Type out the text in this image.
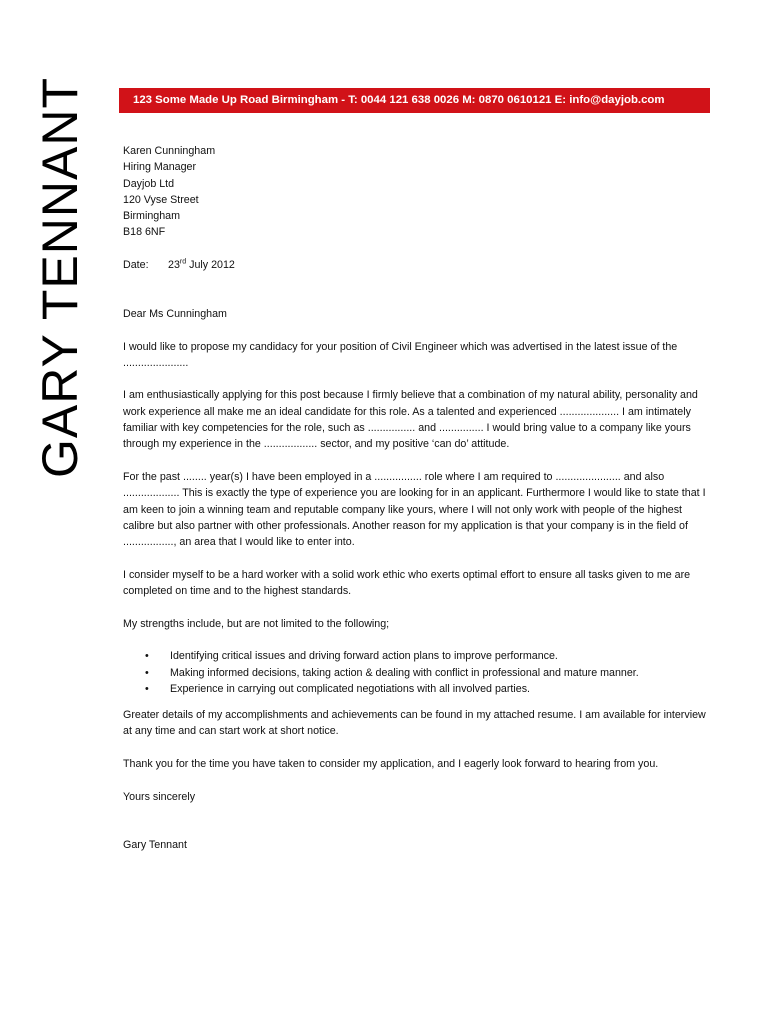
GARY TENNANT	123 Some Made Up Road Birmingham - T: 0044 121 638 0026 M: 0870 0610121 E: info@dayjob.com
Karen Cunningham
Hiring Manager
Dayjob Ltd
120 Vyse Street
Birmingham
B18 6NF
Date: 23rd July 2012

Dear Ms Cunningham

I would like to propose my candidacy for your position of Civil Engineer which was advertised in the latest issue of the ......................

I am enthusiastically applying for this post because I firmly believe that a combination of my natural ability, personality and work experience all make me an ideal candidate for this role. As a talented and experienced .................... I am intimately familiar with key competencies for the role, such as ................ and ............... I would bring value to a company like yours through my experience in the .................. sector, and my positive ‘can do’ attitude.

For the past ........ year(s) I have been employed in a ................ role where I am required to ...................... and also ................... This is exactly the type of experience you are looking for in an applicant. Furthermore I would like to state that I am keen to join a winning team and reputable company like yours, where I will not only work with people of the highest calibre but also partner with other professionals. Another reason for my application is that your company is in the field of ................., an area that I would like to enter into.

I consider myself to be a hard worker with a solid work ethic who exerts optimal effort to ensure all tasks given to me are completed on time and to the highest standards.

My strengths include, but are not limited to the following;

• Identifying critical issues and driving forward action plans to improve performance.
• Making informed decisions, taking action & dealing with conflict in professional and mature manner.
• Experience in carrying out complicated negotiations with all involved parties.

Greater details of my accomplishments and achievements can be found in my attached resume. I am available for interview at any time and can start work at short notice.

Thank you for the time you have taken to consider my application, and I eagerly look forward to hearing from you.

Yours sincerely
Gary Tennant
